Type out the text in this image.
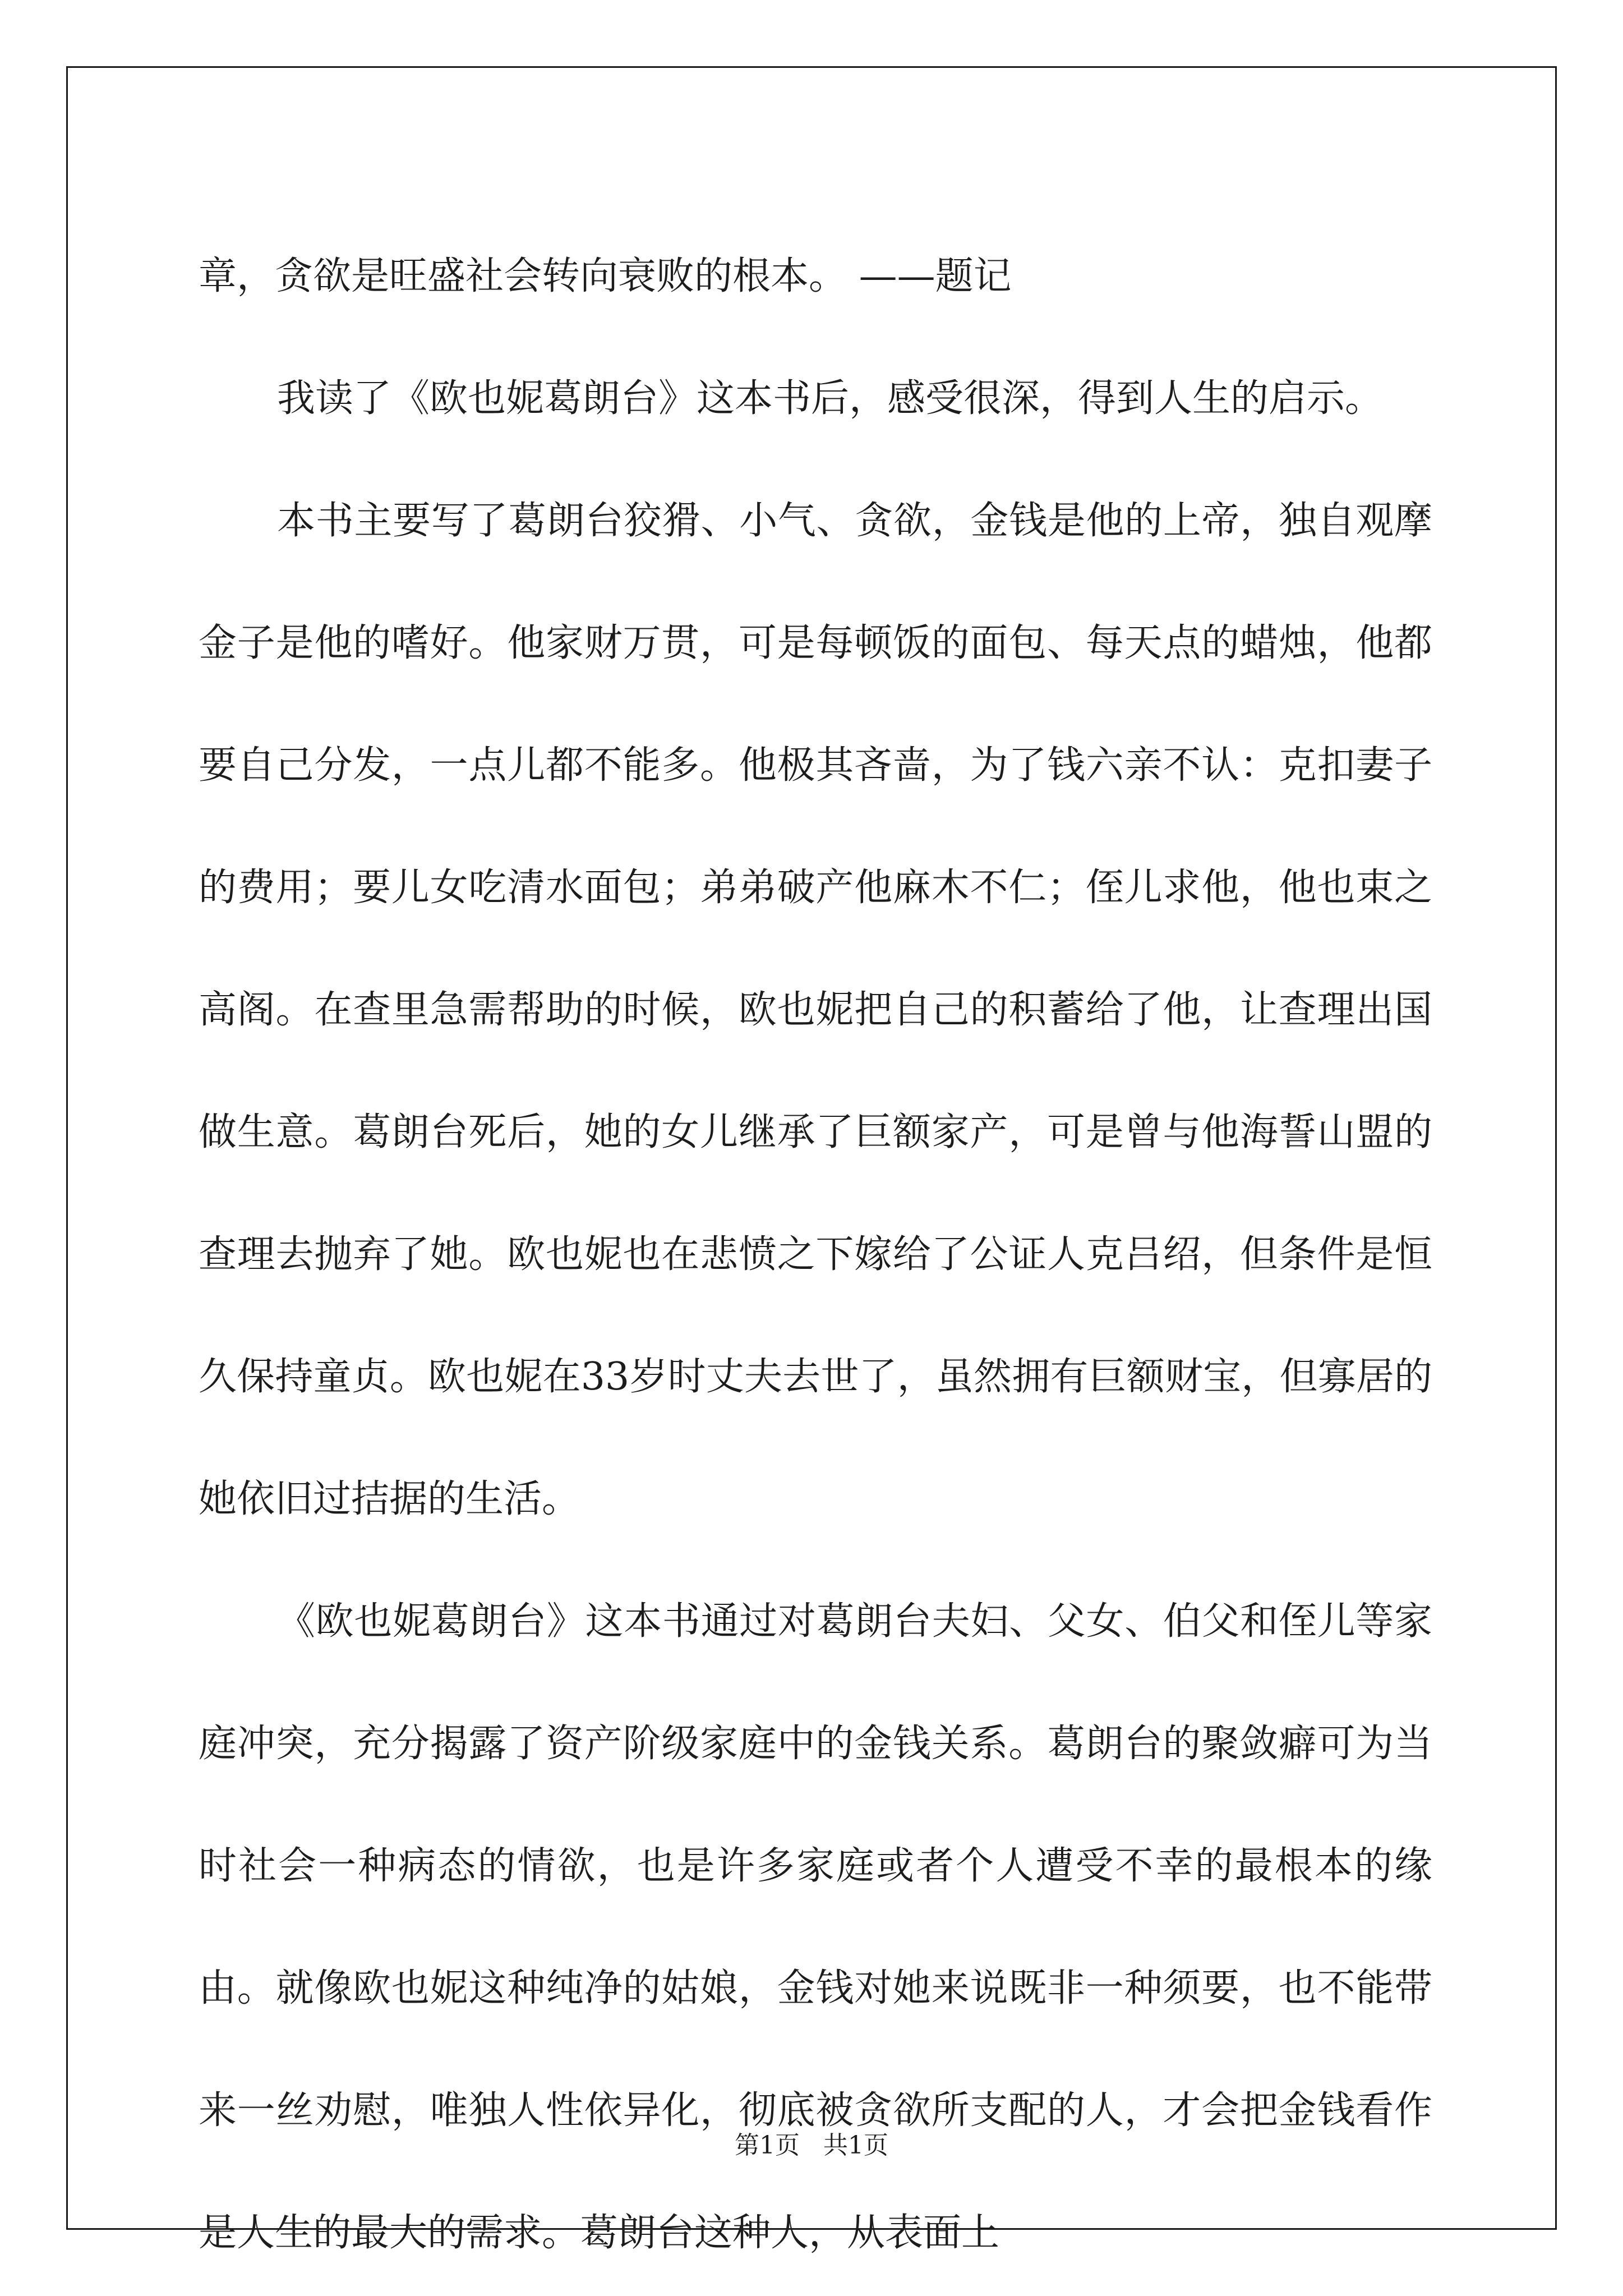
章，贪欲是旺盛社会转向衰败的根本。 ——题记

我读了《欧也妮葛朗台》这本书后，感受很深，得到人生的启示。

本书主要写了葛朗台狡猾、小气、贪欲，金钱是他的上帝，独自观摩金子是他的嗜好。他家财万贯，可是每顿饭的面包、每天点的蜡烛，他都要自己分发，一点儿都不能多。他极其吝啬，为了钱六亲不认：克扣妻子的费用；要儿女吃清水面包；弟弟破产他麻木不仁；侄儿求他，他也束之高阁。在查里急需帮助的时候，欧也妮把自己的积蓄给了他，让查理出国做生意。葛朗台死后，她的女儿继承了巨额家产，可是曾与他海誓山盟的查理去抛弃了她。欧也妮也在悲愤之下嫁给了公证人克吕绍，但条件是恒久保持童贞。欧也妮在33岁时丈夫去世了，虽然拥有巨额财宝，但寡居的她依旧过拮据的生活。

《欧也妮葛朗台》这本书通过对葛朗台夫妇、父女、伯父和侄儿等家庭冲突，充分揭露了资产阶级家庭中的金钱关系。葛朗台的聚敛癖可为当时社会一种病态的情欲，也是许多家庭或者个人遭受不幸的最根本的缘由。就像欧也妮这种纯净的姑娘，金钱对她来说既非一种须要，也不能带来一丝劝慰，唯独人性依异化，彻底被贪欲所支配的人，才会把金钱看作是人生的最大的需求。葛朗台这种人，从表面上

第1页 共1页
